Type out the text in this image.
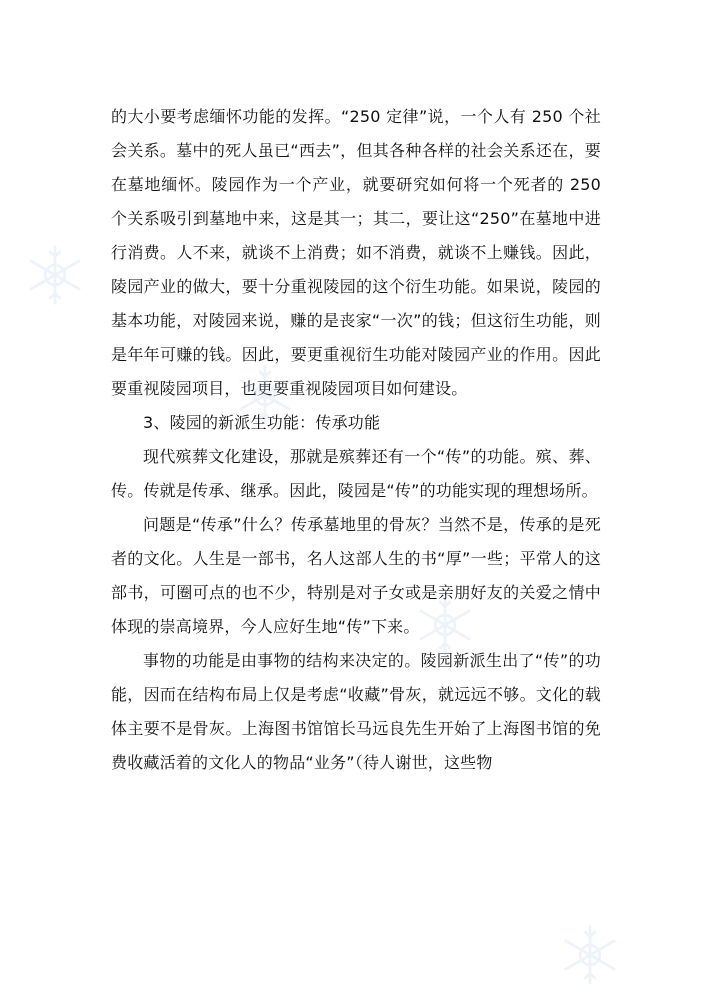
的大小要考虑缅怀功能的发挥。“250 定律”说，一个人有 250 个社会关系。墓中的死人虽已“西去”，但其各种各样的社会关系还在，要在墓地缅怀。陵园作为一个产业，就要研究如何将一个死者的 250 个关系吸引到墓地中来，这是其一；其二，要让这“250”在墓地中进行消费。人不来，就谈不上消费；如不消费，就谈不上赚钱。因此，陵园产业的做大，要十分重视陵园的这个衍生功能。如果说，陵园的基本功能，对陵园来说，赚的是丧家“一次”的钱；但这衍生功能，则是年年可赚的钱。因此，要更重视衍生功能对陵园产业的作用。因此要重视陵园项目，也更要重视陵园项目如何建设。

3、陵园的新派生功能：传承功能

现代殡葬文化建设，那就是殡葬还有一个“传”的功能。殡、葬、传。传就是传承、继承。因此，陵园是“传”的功能实现的理想场所。

问题是“传承”什么？传承墓地里的骨灰？当然不是，传承的是死者的文化。人生是一部书，名人这部人生的书“厚”一些；平常人的这部书，可圈可点的也不少，特别是对子女或是亲朋好友的关爱之情中体现的崇高境界，今人应好生地“传”下来。

事物的功能是由事物的结构来决定的。陵园新派生出了“传”的功能，因而在结构布局上仅是考虑“收藏”骨灰，就远远不够。文化的载体主要不是骨灰。上海图书馆馆长马远良先生开始了上海图书馆的免费收藏活着的文化人的物品“业务”（待人谢世，这些物
